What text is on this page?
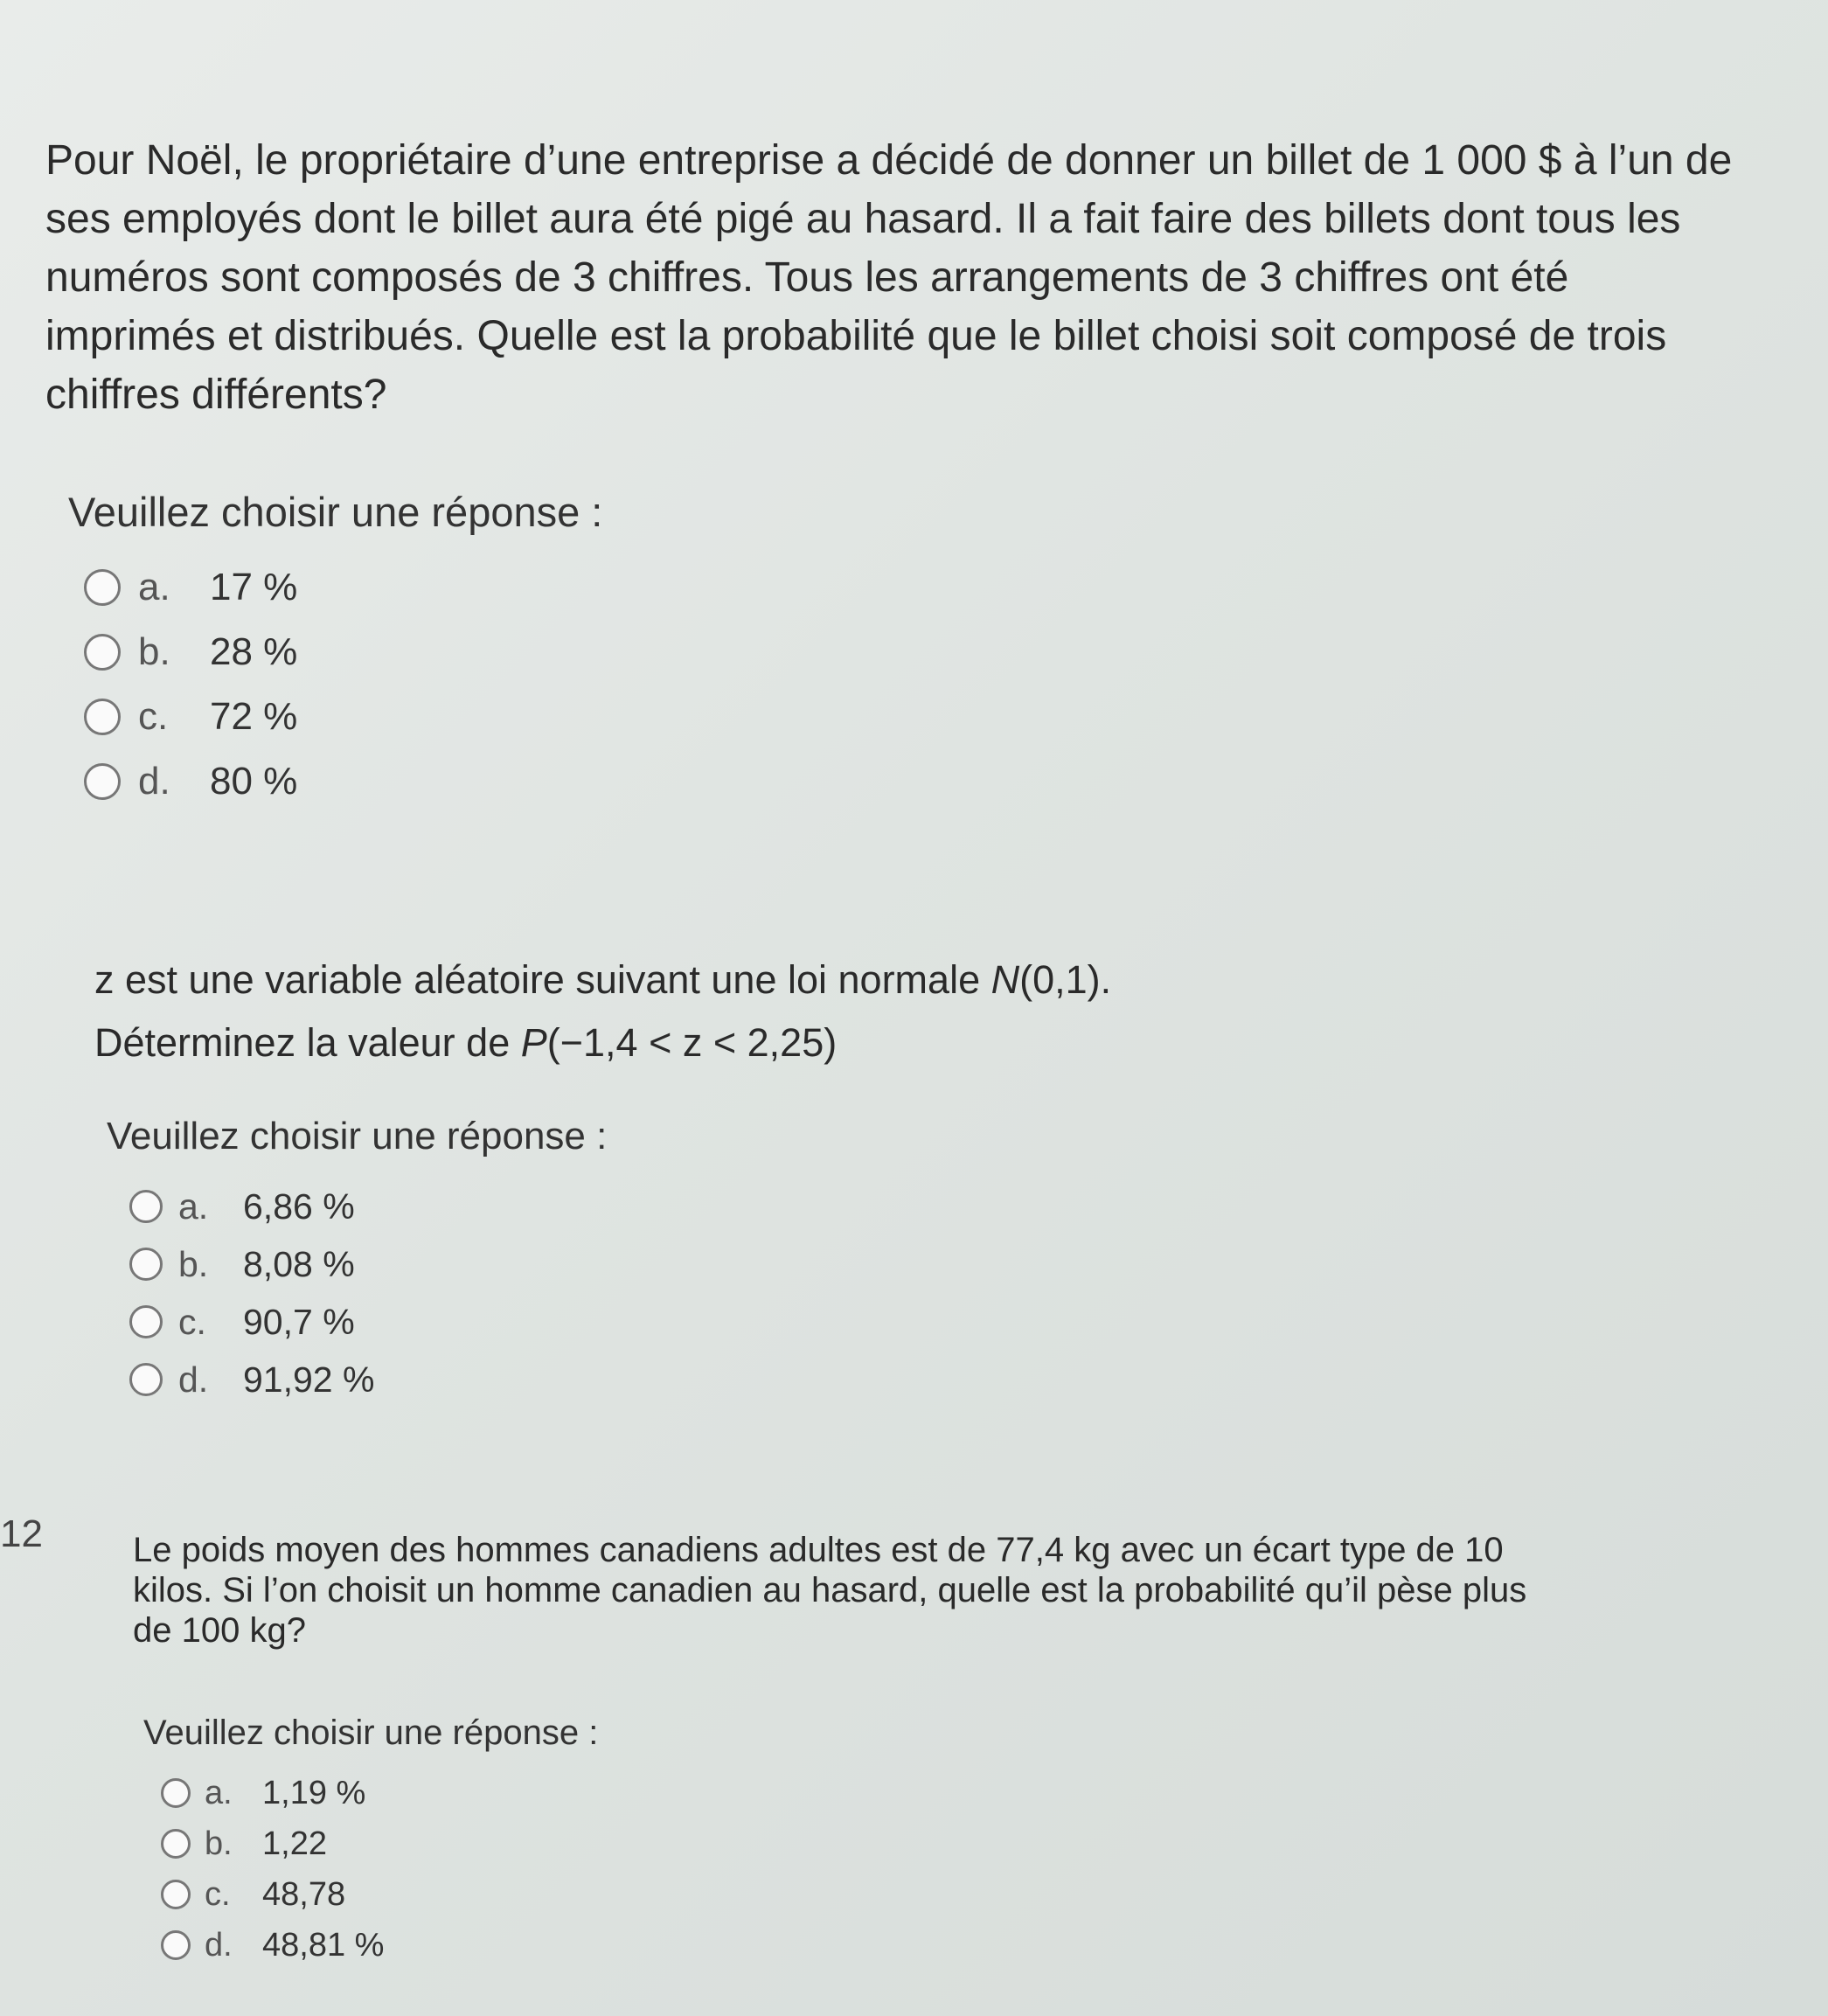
Pour Noël, le propriétaire d’une entreprise a décidé de donner un billet de 1 000 $ à l’un de

ses employés dont le billet aura été pigé au hasard. Il a fait faire des billets dont tous les

numéros sont composés de 3 chiffres. Tous les arrangements de 3 chiffres ont été

imprimés et distribués. Quelle est la probabilité que le billet choisi soit composé de trois

chiffres différents?

Veuillez choisir une réponse :

a.	17 %
b.	28 %
c.	72 %
d.	80 %

z est une variable aléatoire suivant une loi normale N(0,1).

Déterminez la valeur de P(−1,4 < z < 2,25)

Veuillez choisir une réponse :

a. 6,86 %
b. 8,08 %
c.	90,7 %
d. 91,92 %
12	Le poids moyen des hommes canadiens adultes est de 77,4 kg avec un écart type de 10

kilos. Si l’on choisit un homme canadien au hasard, quelle est la probabilité qu’il pèse plus

de 100 kg?

Veuillez choisir une réponse :

a. 1,19 %
b. 1,22
c. 48,78
d. 48,81 %
